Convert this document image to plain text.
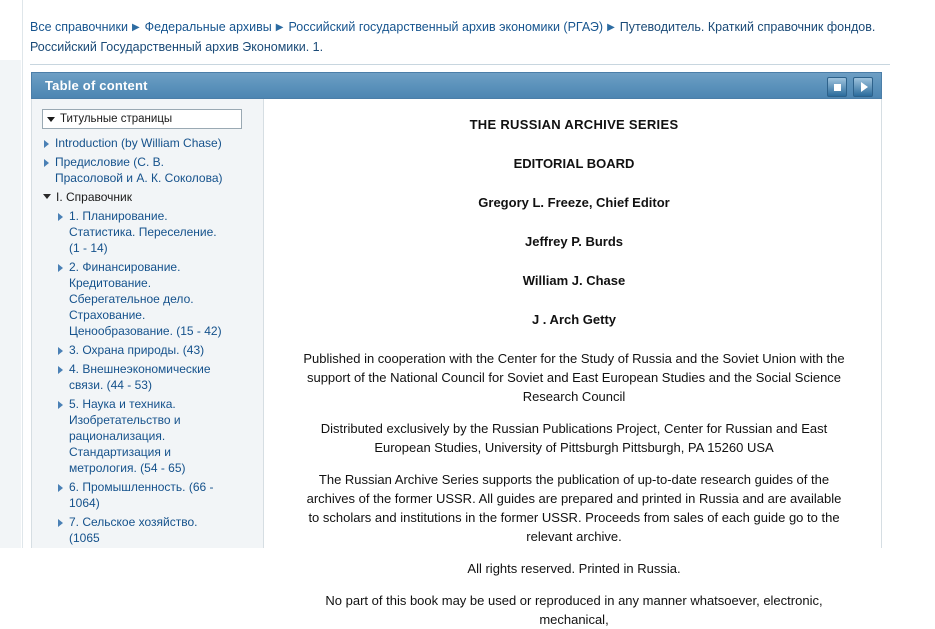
Все справочники ▶ Федеральные архивы ▶ Российский государственный архив экономики (РГАЭ) ▶ Путеводитель. Краткий справочник фондов. Российский Государственный архив Экономики. 1.
Table of content
Титульные страницы
Introduction (by William Chase)
Предисловие (С. В. Прасоловой и А. К. Соколова)
I. Справочник
1. Планирование. Статистика. Переселение. (1 - 14)
2. Финансирование. Кредитование. Сберегательное дело. Страхование. Ценообразование. (15 - 42)
3. Охрана природы. (43)
4. Внешнеэкономические связи. (44 - 53)
5. Наука и техника. Изобретательство и рационализация. Стандартизация и метрология. (54 - 65)
6. Промышленность. (66 - 1064)
7. Сельское хозяйство. (1065

THE RUSSIAN ARCHIVE SERIES

EDITORIAL BOARD

Gregory L. Freeze, Chief Editor

Jeffrey P. Burds

William J. Chase

J . Arch Getty

Published in cooperation with the Center for the Study of Russia and the Soviet Union with the support of the National Council for Soviet and East European Studies and the Social Science Research Council

Distributed exclusively by the Russian Publications Project, Center for Russian and East European Studies, University of Pittsburgh Pittsburgh, PA 15260 USA

The Russian Archive Series supports the publication of up-to-date research guides of the archives of the former USSR. All guides are prepared and printed in Russia and are available to scholars and institutions in the former USSR. Proceeds from sales of each guide go to the relevant archive.

All rights reserved. Printed in Russia.

No part of this book may be used or reproduced in any manner whatsoever, electronic, mechanical,
